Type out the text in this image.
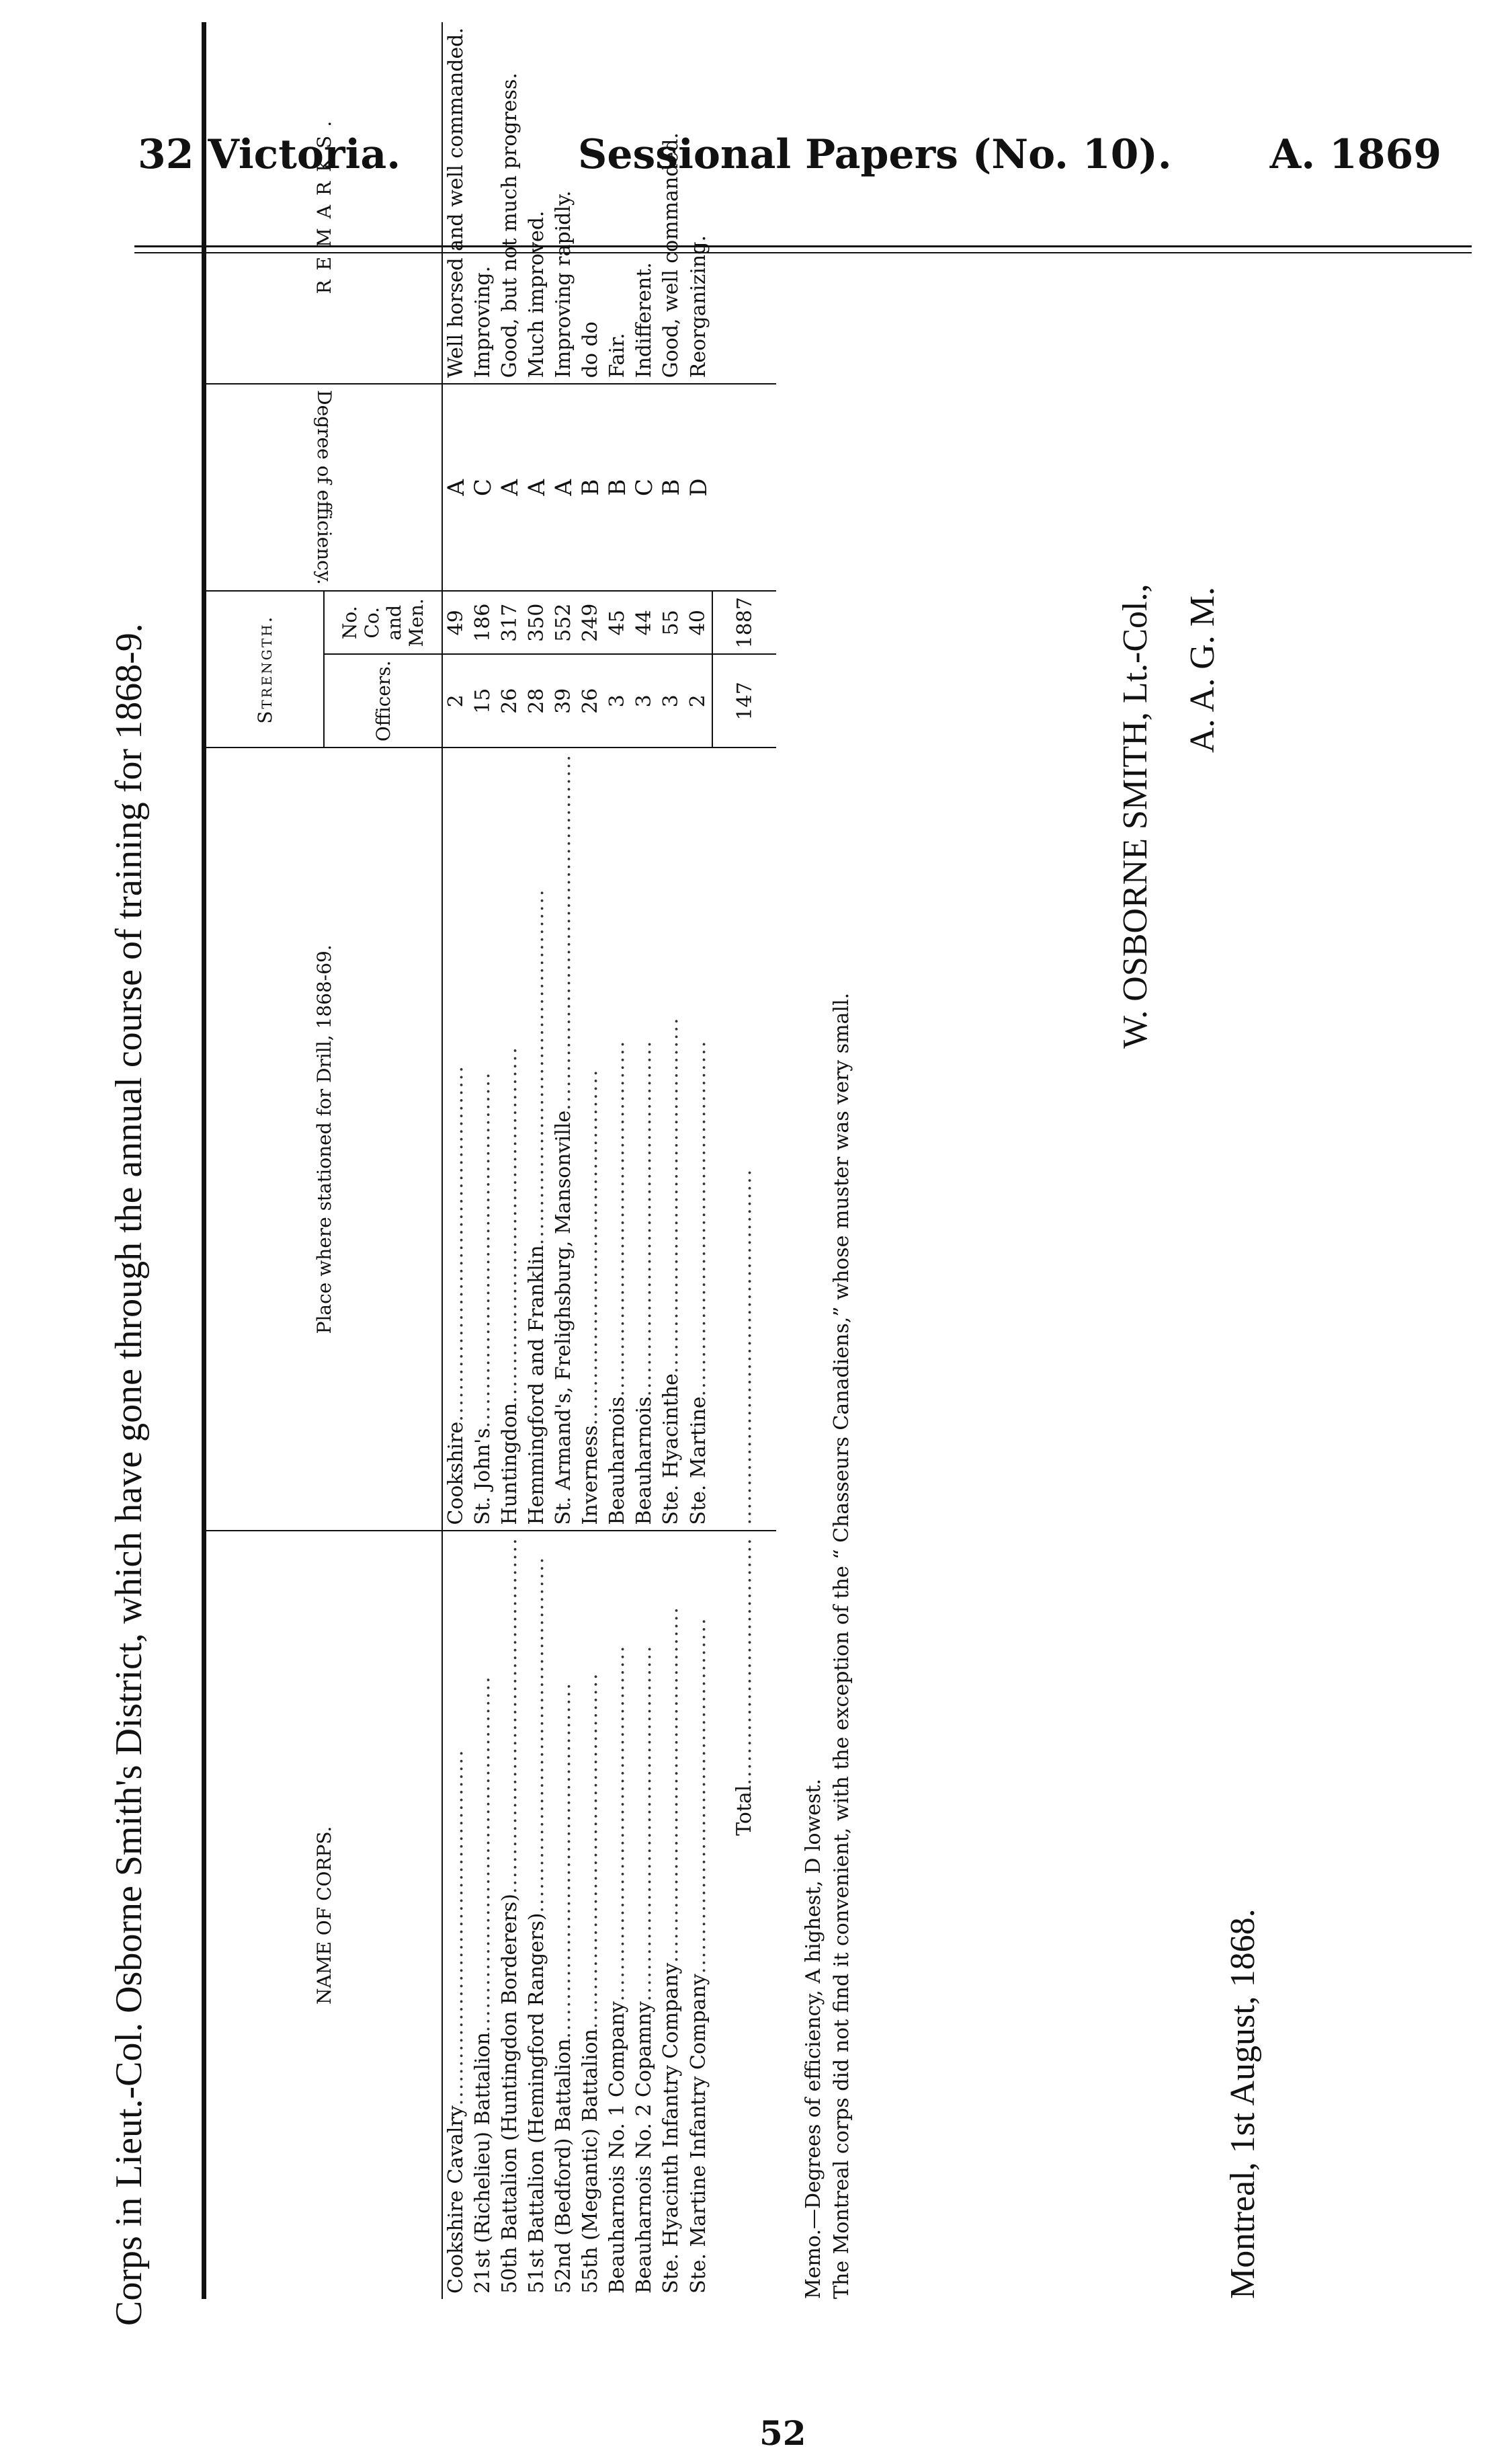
32 Victoria.	Sessional Papers (No. 10). A. 1869
Corps in Lieut.-Col. Osborne Smith's District, which have gone through the annual course of training for 1868-9.	NAME OF CORPS.	Place where stationed for Drill, 1868-69.	Strength.		Degree of efficiency.	REMARKS.
		Officers.	No. Co. and Men.		
Cookshire Cavalry..............................................	Cookshire..............................................	2	49	A	Well horsed and well commanded.
21st (Richelieu) Battalion..............................................	St. John's..............................................	15	186	C	Improving.
50th Battalion (Huntingdon Borderers)..............................................	Huntingdon..............................................	26	317	A	Good, but not much progress.
51st Battalion (Hemingford Rangers)..............................................	Hemmingford and Franklin..............................................	28	350	A	Much improved.
52nd (Bedford) Battalion..............................................	St. Armand's, Frelighsburg, Mansonville..............................................	39	552	A	Improving rapidly.
55th (Megantic) Battalion..............................................	Inverness..............................................	26	249	B	do do
Beauharnois No. 1 Company..............................................	Beauharnois..............................................	3	45	B	Fair.
Beauharnois No. 2 Copamny..............................................	Beauharnois..............................................	3	44	C	Indifferent.
Ste. Hyacinth Infantry Company..............................................	Ste. Hyacinthe..............................................	3	55	B	Good, well commanded.
Ste. Martine Infantry Company..............................................	Ste. Martine..............................................	2	40	D	Reorganizing.
Total................................	..............................................	147	1887		
Memo.—Degrees of efficiency, A highest, D lowest. The Montreal corps did not find it convenient, with the exception of the “ Chasseurs Canadiens,” whose muster was very small.
W. OSBORNE SMITH, Lt.-Col., A. A. G. M.
Montreal, 1st August, 1868.
52
